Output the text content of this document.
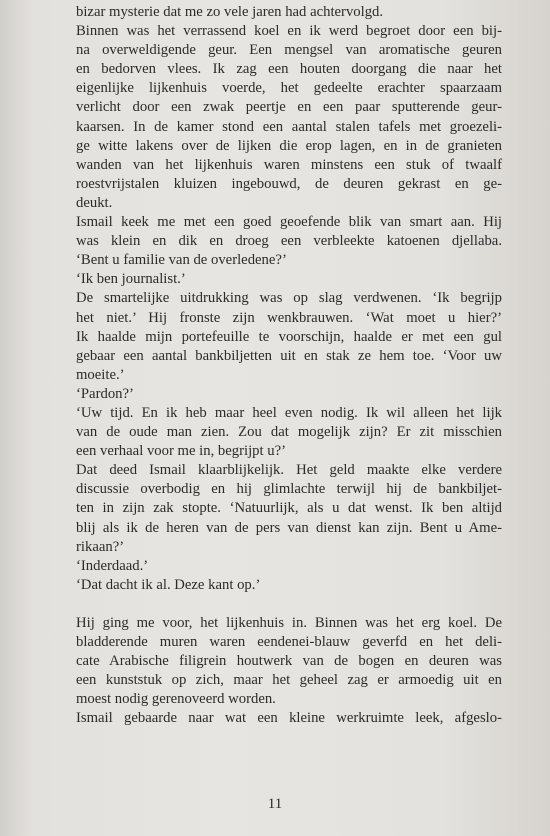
bizar mysterie dat me zo vele jaren had achtervolgd.
Binnen was het verrassend koel en ik werd begroet door een bij-
na overweldigende geur. Een mengsel van aromatische geuren
en bedorven vlees. Ik zag een houten doorgang die naar het
eigenlijke lijkenhuis voerde, het gedeelte erachter spaarzaam
verlicht door een zwak peertje en een paar sputterende geur-
kaarsen. In de kamer stond een aantal stalen tafels met groezeli-
ge witte lakens over de lijken die erop lagen, en in de granieten
wanden van het lijkenhuis waren minstens een stuk of twaalf
roestvrijstalen kluizen ingebouwd, de deuren gekrast en ge-
deukt.
Ismail keek me met een goed geoefende blik van smart aan. Hij
was klein en dik en droeg een verbleekte katoenen djellaba.
‘Bent u familie van de overledene?’
‘Ik ben journalist.’
De smartelijke uitdrukking was op slag verdwenen. ‘Ik begrijp
het niet.’ Hij fronste zijn wenkbrauwen. ‘Wat moet u hier?’
Ik haalde mijn portefeuille te voorschijn, haalde er met een gul
gebaar een aantal bankbiljetten uit en stak ze hem toe. ‘Voor uw
moeite.’
‘Pardon?’
‘Uw tijd. En ik heb maar heel even nodig. Ik wil alleen het lijk
van de oude man zien. Zou dat mogelijk zijn? Er zit misschien
een verhaal voor me in, begrijpt u?’
Dat deed Ismail klaarblijkelijk. Het geld maakte elke verdere
discussie overbodig en hij glimlachte terwijl hij de bankbiljet-
ten in zijn zak stopte. ‘Natuurlijk, als u dat wenst. Ik ben altijd
blij als ik de heren van de pers van dienst kan zijn. Bent u Ame-
rikaan?’
‘Inderdaad.’
‘Dat dacht ik al. Deze kant op.’
Hij ging me voor, het lijkenhuis in. Binnen was het erg koel. De
bladderende muren waren eendenei-blauw geverfd en het deli-
cate Arabische filigrein houtwerk van de bogen en deuren was
een kunststuk op zich, maar het geheel zag er armoedig uit en
moest nodig gerenoveerd worden.
Ismail gebaarde naar wat een kleine werkruimte leek, afgeslo-
11
